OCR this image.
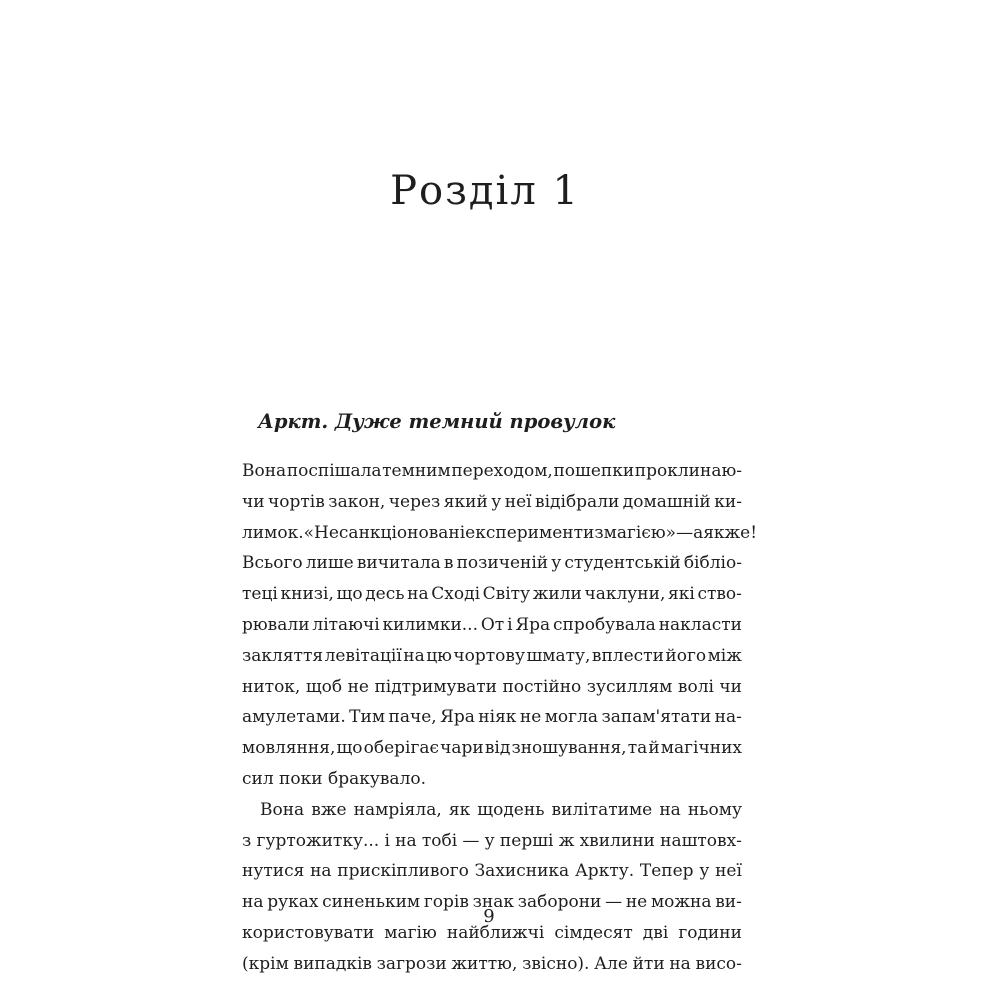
Розділ 1
Аркт. Дуже темний провулок
Вона поспішала темним переходом, пошепки проклинаю-
чи чортів закон, через який у неї відібрали домашній ки-
лимок. «Несанкціоновані експерименти з магією» — аякже!
Всього лише вичитала в позиченій у студентській бібліо-
теці книзі, що десь на Сході Світу жили чаклуни, які ство-
рювали літаючі килимки... От і Яра спробувала накласти
закляття левітації на цю чортову шмату, вплести його між
ниток, щоб не підтримувати постійно зусиллям волі чи
амулетами. Тим паче, Яра ніяк не могла запам'ятати на-
мовляння, що оберігає чари від зношування, та й магічних
сил поки бракувало.
Вона вже намріяла, як щодень вилітатиме на ньому
з гуртожитку... і на тобі — у перші ж хвилини наштовх-
нутися на прискіпливого Захисника Аркту. Тепер у неї
на руках синеньким горів знак заборони — не можна ви-
користовувати магію найближчі сімдесят дві години
(крім випадків загрози життю, звісно). Але йти на висо-
9
